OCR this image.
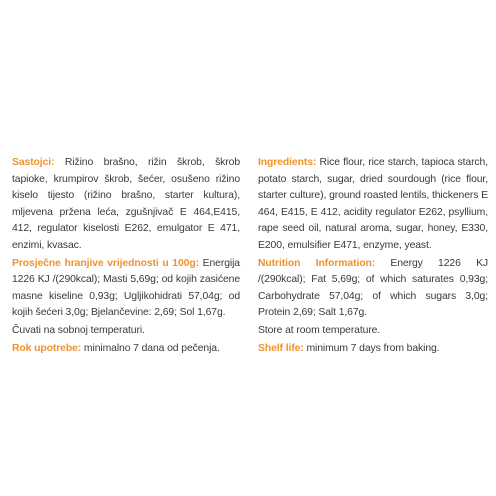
Sastojci: Rižino brašno, rižin škrob, škrob tapioke, krumpirov škrob, šećer, osušeno rižino kiselo tijesto (rižino brašno, starter kultura), mljevena pržena leća, zgušnjivač E 464,E415, 412, regulator kiselosti E262, emulgator E 471, enzimi, kvasac.

Prosječne hranjive vrijednosti u 100g: Energija 1226 KJ /(290kcal); Masti 5,69g; od kojih zasićene masne kiseline 0,93g; Ugljikohidrati 57,04g; od kojih šećeri 3,0g; Bjelančevine: 2,69; Sol 1,67g.

Čuvati na sobnoj temperaturi.

Rok upotrebe: minimalno 7 dana od pečenja.

Ingredients: Rice flour, rice starch, tapioca starch, potato starch, sugar, dried sourdough (rice flour, starter culture), ground roasted lentils, thickeners E 464, E415, E 412, acidity regulator E262, psyllium, rape seed oil, natural aroma, sugar, honey, E330, E200, emulsifier E471, enzyme, yeast.

Nutrition Information: Energy 1226 KJ /(290kcal); Fat 5,69g; of which saturates 0,93g; Carbohydrate 57,04g; of which sugars 3,0g; Protein 2,69; Salt 1,67g.

Store at room temperature.

Shelf life: minimum 7 days from baking.
